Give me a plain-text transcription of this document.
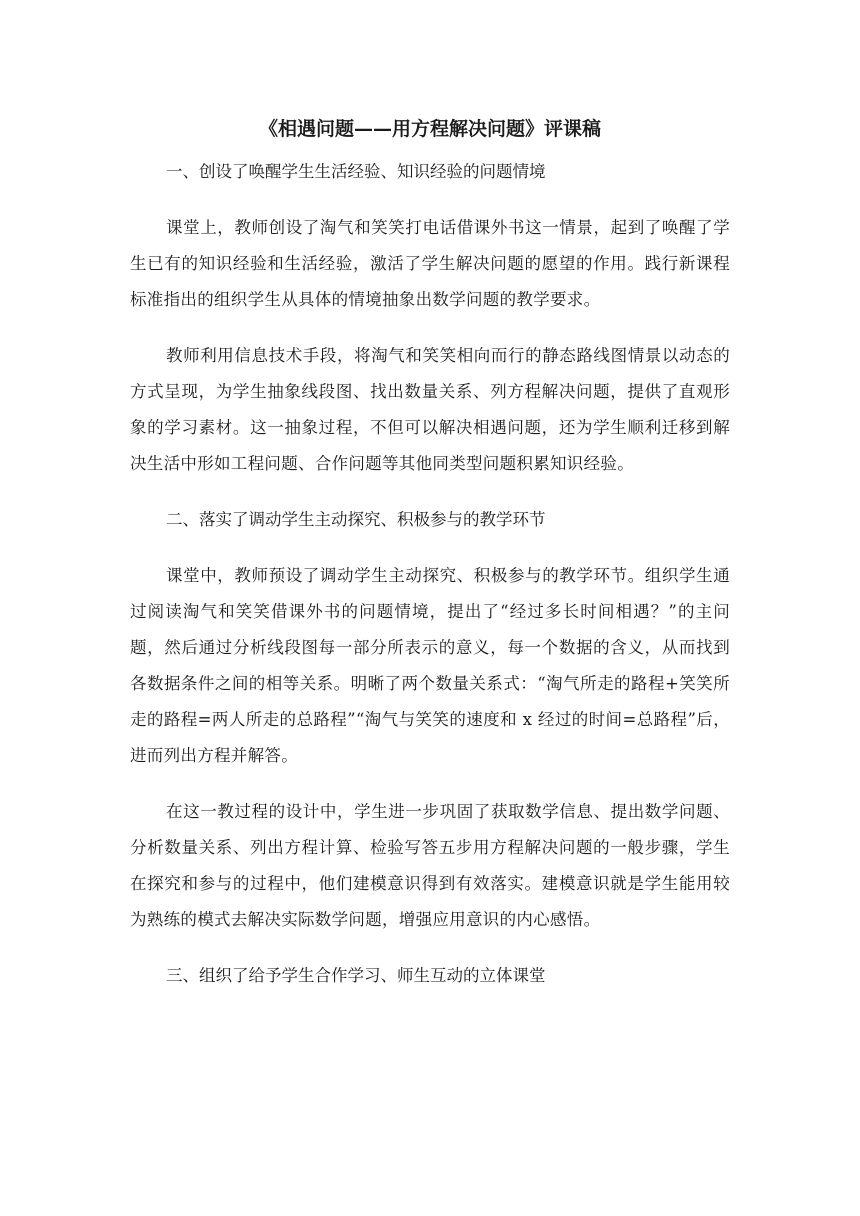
《相遇问题——用方程解决问题》评课稿

一、创设了唤醒学生生活经验、知识经验的问题情境

课堂上，教师创设了淘气和笑笑打电话借课外书这一情景，起到了唤醒了学生已有的知识经验和生活经验，激活了学生解决问题的愿望的作用。践行新课程标准指出的组织学生从具体的情境抽象出数学问题的教学要求。

教师利用信息技术手段，将淘气和笑笑相向而行的静态路线图情景以动态的方式呈现，为学生抽象线段图、找出数量关系、列方程解决问题，提供了直观形象的学习素材。这一抽象过程，不但可以解决相遇问题，还为学生顺利迁移到解决生活中形如工程问题、合作问题等其他同类型问题积累知识经验。

二、落实了调动学生主动探究、积极参与的教学环节

课堂中，教师预设了调动学生主动探究、积极参与的教学环节。组织学生通过阅读淘气和笑笑借课外书的问题情境，提出了“经过多长时间相遇？”的主问题，然后通过分析线段图每一部分所表示的意义，每一个数据的含义，从而找到各数据条件之间的相等关系。明晰了两个数量关系式：“淘气所走的路程+笑笑所走的路程=两人所走的总路程”“淘气与笑笑的速度和 x 经过的时间=总路程”后，进而列出方程并解答。

在这一教过程的设计中，学生进一步巩固了获取数学信息、提出数学问题、分析数量关系、列出方程计算、检验写答五步用方程解决问题的一般步骤，学生在探究和参与的过程中，他们建模意识得到有效落实。建模意识就是学生能用较为熟练的模式去解决实际数学问题，增强应用意识的内心感悟。

三、组织了给予学生合作学习、师生互动的立体课堂
